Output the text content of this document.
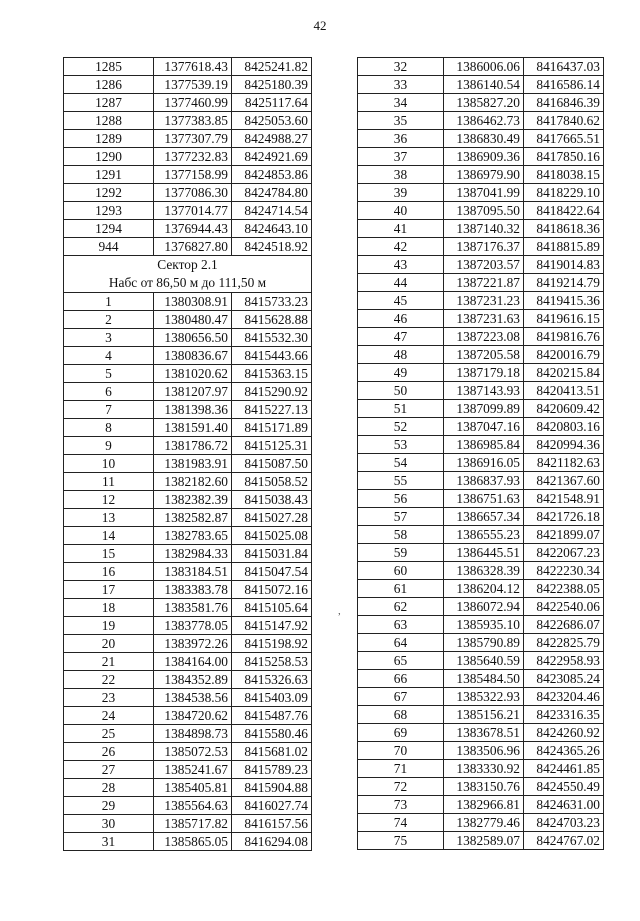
42
,
1285	1377618.43	8425241.82
1286	1377539.19	8425180.39
1287	1377460.99	8425117.64
1288	1377383.85	8425053.60
1289	1377307.79	8424988.27
1290	1377232.83	8424921.69
1291	1377158.99	8424853.86
1292	1377086.30	8424784.80
1293	1377014.77	8424714.54
1294	1376944.43	8424643.10
944	1376827.80	8424518.92
Сектор 2.1		
Набс от 86,50 м до 111,50 м		
1	1380308.91	8415733.23
2	1380480.47	8415628.88
3	1380656.50	8415532.30
4	1380836.67	8415443.66
5	1381020.62	8415363.15
6	1381207.97	8415290.92
7	1381398.36	8415227.13
8	1381591.40	8415171.89
9	1381786.72	8415125.31
10	1381983.91	8415087.50
11	1382182.60	8415058.52
12	1382382.39	8415038.43
13	1382582.87	8415027.28
14	1382783.65	8415025.08
15	1382984.33	8415031.84
16	1383184.51	8415047.54
17	1383383.78	8415072.16
18	1383581.76	8415105.64
19	1383778.05	8415147.92
20	1383972.26	8415198.92
21	1384164.00	8415258.53
22	1384352.89	8415326.63
23	1384538.56	8415403.09
24	1384720.62	8415487.76
25	1384898.73	8415580.46
26	1385072.53	8415681.02
27	1385241.67	8415789.23
28	1385405.81	8415904.88
29	1385564.63	8416027.74
30	1385717.82	8416157.56
31	1385865.05	8416294.08
32	1386006.06	8416437.03
33	1386140.54	8416586.14
34	1385827.20	8416846.39
35	1386462.73	8417840.62
36	1386830.49	8417665.51
37	1386909.36	8417850.16
38	1386979.90	8418038.15
39	1387041.99	8418229.10
40	1387095.50	8418422.64
41	1387140.32	8418618.36
42	1387176.37	8418815.89
43	1387203.57	8419014.83
44	1387221.87	8419214.79
45	1387231.23	8419415.36
46	1387231.63	8419616.15
47	1387223.08	8419816.76
48	1387205.58	8420016.79
49	1387179.18	8420215.84
50	1387143.93	8420413.51
51	1387099.89	8420609.42
52	1387047.16	8420803.16
53	1386985.84	8420994.36
54	1386916.05	8421182.63
55	1386837.93	8421367.60
56	1386751.63	8421548.91
57	1386657.34	8421726.18
58	1386555.23	8421899.07
59	1386445.51	8422067.23
60	1386328.39	8422230.34
61	1386204.12	8422388.05
62	1386072.94	8422540.06
63	1385935.10	8422686.07
64	1385790.89	8422825.79
65	1385640.59	8422958.93
66	1385484.50	8423085.24
67	1385322.93	8423204.46
68	1385156.21	8423316.35
69	1383678.51	8424260.92
70	1383506.96	8424365.26
71	1383330.92	8424461.85
72	1383150.76	8424550.49
73	1382966.81	8424631.00
74	1382779.46	8424703.23
75	1382589.07	8424767.02
